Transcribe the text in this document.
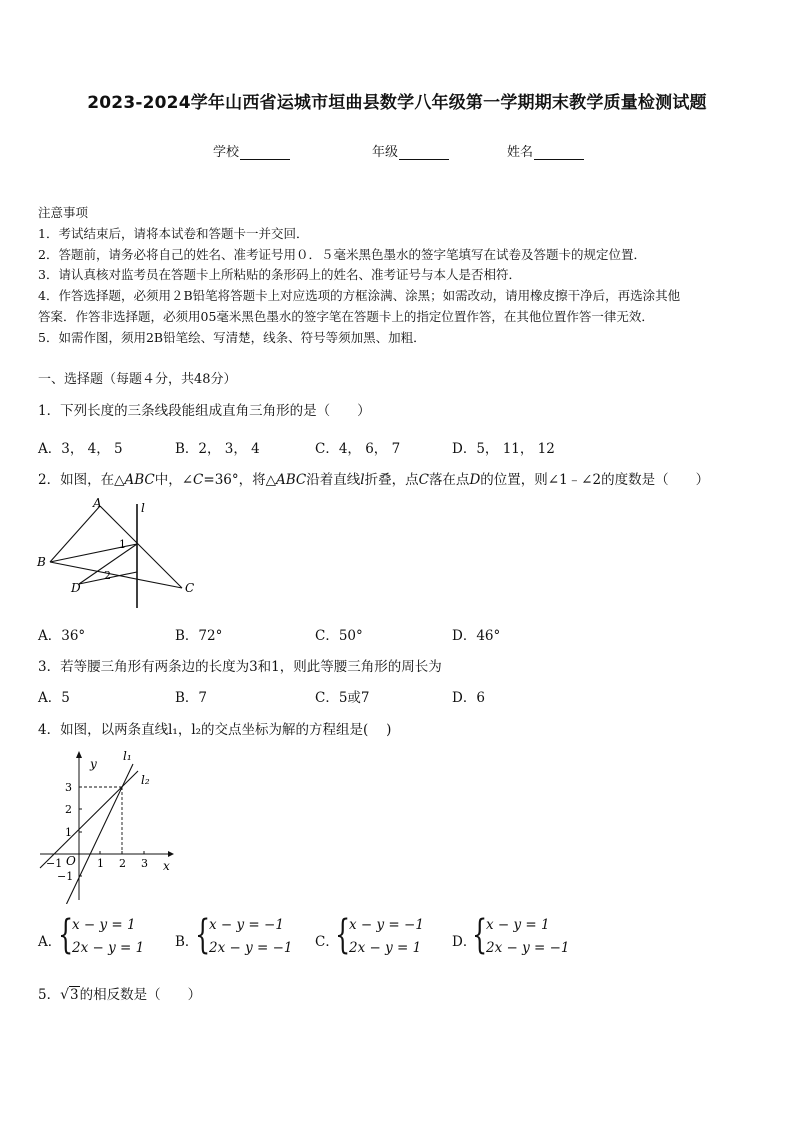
2023-2024学年山西省运城市垣曲县数学八年级第一学期期末教学质量检测试题
学校	年级	姓名

注意事项

1．考试结束后，请将本试卷和答题卡一并交回．

2．答题前，请务必将自己的姓名、准考证号用０．５毫米黑色墨水的签字笔填写在试卷及答题卡的规定位置．

3．请认真核对监考员在答题卡上所粘贴的条形码上的姓名、准考证号与本人是否相符．

4．作答选择题，必须用２B铅笔将答题卡上对应选项的方框涂满、涂黑；如需改动，请用橡皮擦干净后，再选涂其他

答案．作答非选择题，必须用05毫米黑色墨水的签字笔在答题卡上的指定位置作答，在其他位置作答一律无效．

5．如需作图，须用2B铅笔绘、写清楚，线条、符号等须加黑、加粗．

一、选择题（每题４分，共48分）
1．下列长度的三条线段能组成直角三角形的是（　　）
A．3， 4， 5	B．2， 3， 4	C．4， 6， 7	D．5， 11， 12
2．如图，在△ABC中，∠C=36°，将△ABC沿着直线l折叠，点C落在点D的位置，则∠1﹣∠2的度数是（　　）
A
B
C
D
l
1
2
A．36°	B．72°	C．50°	D．46°
3．若等腰三角形有两条边的长度为3和1，则此等腰三角形的周长为
A．5	B．7	C．5或7	D．6
4．如图，以两条直线l₁，l₂的交点坐标为解的方程组是(　 )
y
x
O
l₁
l₂
3
2
1
−1
−1	1 2 3
A．
{
x − y = 1
2x − y = 1 B．
{
x − y = −1
2x − y = −1 C．
{
x − y = −1
2x − y = 1 D．
{
x − y = 1
2x − y = −1
5．√3的相反数是（　　）
